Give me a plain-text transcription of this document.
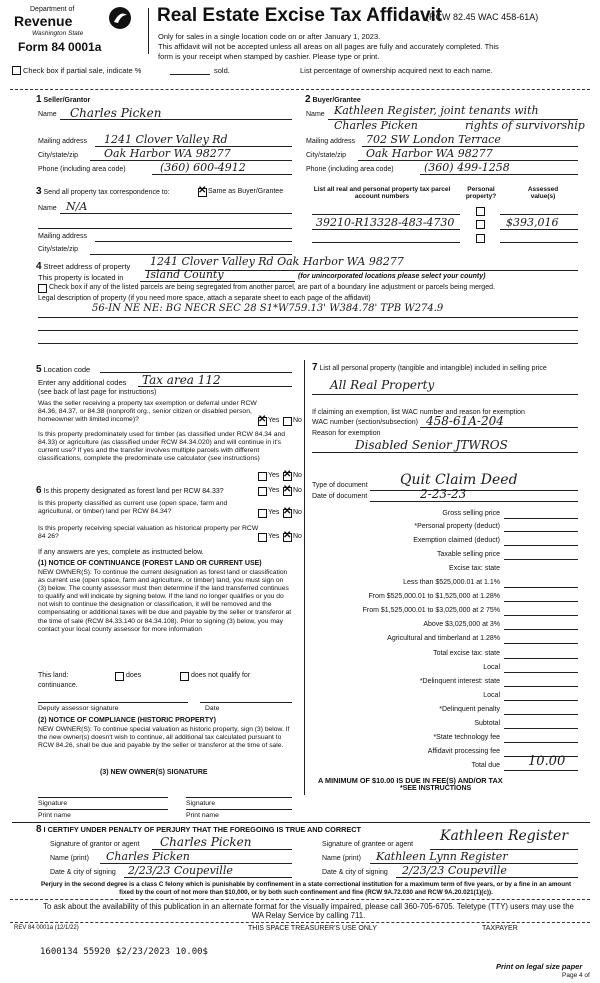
Department of
Revenue
Washington State
Form 84 0001a
Real Estate Excise Tax Affidavit
(RCW 82.45 WAC 458-61A)
Only for sales in a single location code on or after January 1, 2023.
This affidavit will not be accepted unless all areas on all pages are fully and accurately completed. This
form is your receipt when stamped by cashier. Please type or print.
Check box if partial sale, indicate %	sold.	List percentage of ownership acquired next to each name.
1 Seller/Grantor
Name Charles Picken
Mailing address 1241 Clover Valley Rd
City/state/zip Oak Harbor WA 98277
Phone (including area code)	(360) 600-4912
2 Buyer/Grantee
Name Kathleen Register, joint tenants with
Charles Picken	rights of survivorship
Mailing address 702 SW London Terrace
City/state/zip Oak Harbor WA 98277
Phone (including area code)	(360) 499-1258
3 Send all property tax correspondence to: ✕	Same as Buyer/Grantee
Name N/A
Mailing address
City/state/zip
List all real and personal property tax parcel account numbers
Personal property?
Assessed value(s)
39210-R13328-483-4730	$393,016
4 Street address of property 1241 Clover Valley Rd Oak Harbor WA 98277
This property is located in Island County	(for unincorporated locations please select your county)
Check box if any of the listed parcels are being segregated from another parcel, are part of a boundary line adjustment or parcels being merged.
Legal description of property (if you need more space, attach a separate sheet to each page of the affidavit)
56-IN NE NE: BG NECR SEC 28 S1*W759.13' W384.78' TPB W274.9
5 Location code
Enter any additional codes Tax area 112
(see back of last page for instructions)
Was the seller receiving a property tax exemption or deferral under RCW 84.36, 84.37, or 84.38 (nonprofit org., senior citizen or disabled person, homeowner with limited income)? ✕	Yes No
Is this property predominately used for timber (as classified under RCW 84.34 and 84.33) or agriculture (as classified under RCW 84.34.020) and will continue in it's current use? If yes and the transfer involves multiple parcels with different classifications, complete the predominate use calculator (see instructions)
Yes ✕ No
6 Is this property designated as forest land per RCW 84.33?	Yes ✕ No
Is this property classified as current use (open space, farm and agricultural, or timber) land per RCW 84.34?	Yes ✕ No
Is this property receiving special valuation as historical property per RCW 84 26?	Yes ✕ No
If any answers are yes, complete as instructed below.
(1) NOTICE OF CONTINUANCE (FOREST LAND OR CURRENT USE)
NEW OWNER(S): To continue the current designation as forest land or classification as current use (open space, farm and agriculture, or timber) land, you must sign on (3) below. The county assessor must then determine if the land transferred continues to qualify and will indicate by signing below. If the land no longer qualifies or you do not wish to continue the designation or classification, it will be removed and the compensating or additional taxes will be due and payable by the seller or transferor at the time of sale (RCW 84.33.140 or 84.34.108). Prior to signing (3) below, you may contact your local county assessor for more information
This land:	does	does not qualify for
continuance.
Deputy assessor signature	Date
(2) NOTICE OF COMPLIANCE (HISTORIC PROPERTY)
NEW OWNER(S): To continue special valuation as historic property, sign (3) below. If the new owner(s) doesn't wish to continue, all additional tax calculated pursuant to RCW 84.26, shall be due and payable by the seller or transferor at the time of sale.
(3) NEW OWNER(S) SIGNATURE
Signature	Signature
Print name	Print name
7 List all personal property (tangible and intangible) included in selling price
All Real Property
If claiming an exemption, list WAC number and reason for exemption
WAC number (section/subsection) 458-61A-204
Reason for exemption
Disabled Senior JTWROS
Type of document Quit Claim Deed
Date of document	2-23-23
Gross selling price
*Personal property (deduct)
Exemption claimed (deduct)
Taxable selling price
Excise tax: state
Less than $525,000.01 at 1.1%
From $525,000.01 to $1,525,000 at 1.28%
From $1,525,000.01 to $3,025,000 at 2 75%
Above $3,025,000 at 3%
Agricultural and timberland at 1.28%
Total excise tax: state
Local
*Delinquent interest: state
Local
*Delinquent penalty
Subtotal
*State technology fee
Affidavit processing fee
Total due 10.00
A MINIMUM OF $10.00 IS DUE IN FEE(S) AND/OR TAX
*SEE INSTRUCTIONS
8 I CERTIFY UNDER PENALTY OF PERJURY THAT THE FOREGOING IS TRUE AND CORRECT
Signature of grantor or agent Charles Picken
Name (print) Charles Picken
Date & city of signing 2/23/23 Coupeville
Signature of grantee or agent
Kathleen Register
Name (print) Kathleen Lynn Register
Date & city of signing 2/23/23 Coupeville
Perjury in the second degree is a class C felony which is punishable by confinement in a state correctional institution for a maximum term of five years, or by a fine in an amount fixed by the court of not more than $10,000, or by both such confinement and fine (RCW 9A.72.030 and RCW 9A.20.021(1)(c)).
To ask about the availability of this publication in an alternate format for the visually impaired, please call 360-705-6705. Teletype (TTY) users may use the WA Relay Service by calling 711.
REV 84 0001a (12/1/22)	THIS SPACE TREASURER'S USE ONLY	TAXPAYER
1600134 55920 $2/23/2023 10.00$
Print on legal size paper
Page 4 of
